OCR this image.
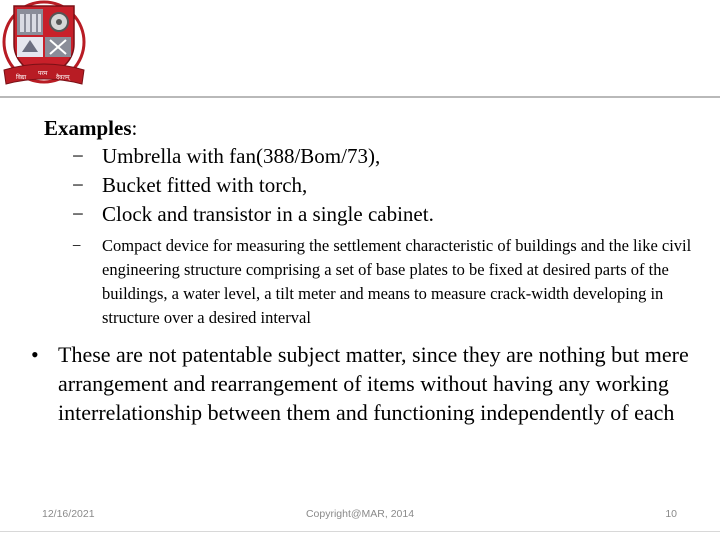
विद्या
परम
दैवतम्
Examples:
− Umbrella with fan(388/Bom/73),
− Bucket fitted with torch,
− Clock and transistor in a single cabinet.
− Compact device for measuring the settlement characteristic of buildings and the like civil engineering structure comprising a set of base plates to be fixed at desired parts of the buildings, a water level, a tilt meter and means to measure crack-width developing in structure over a desired interval
• These are not patentable subject matter, since they are nothing but mere arrangement and rearrangement of items without having any working interrelationship between them and functioning independently of each
12/16/2021	Copyright@MAR, 2014	10
